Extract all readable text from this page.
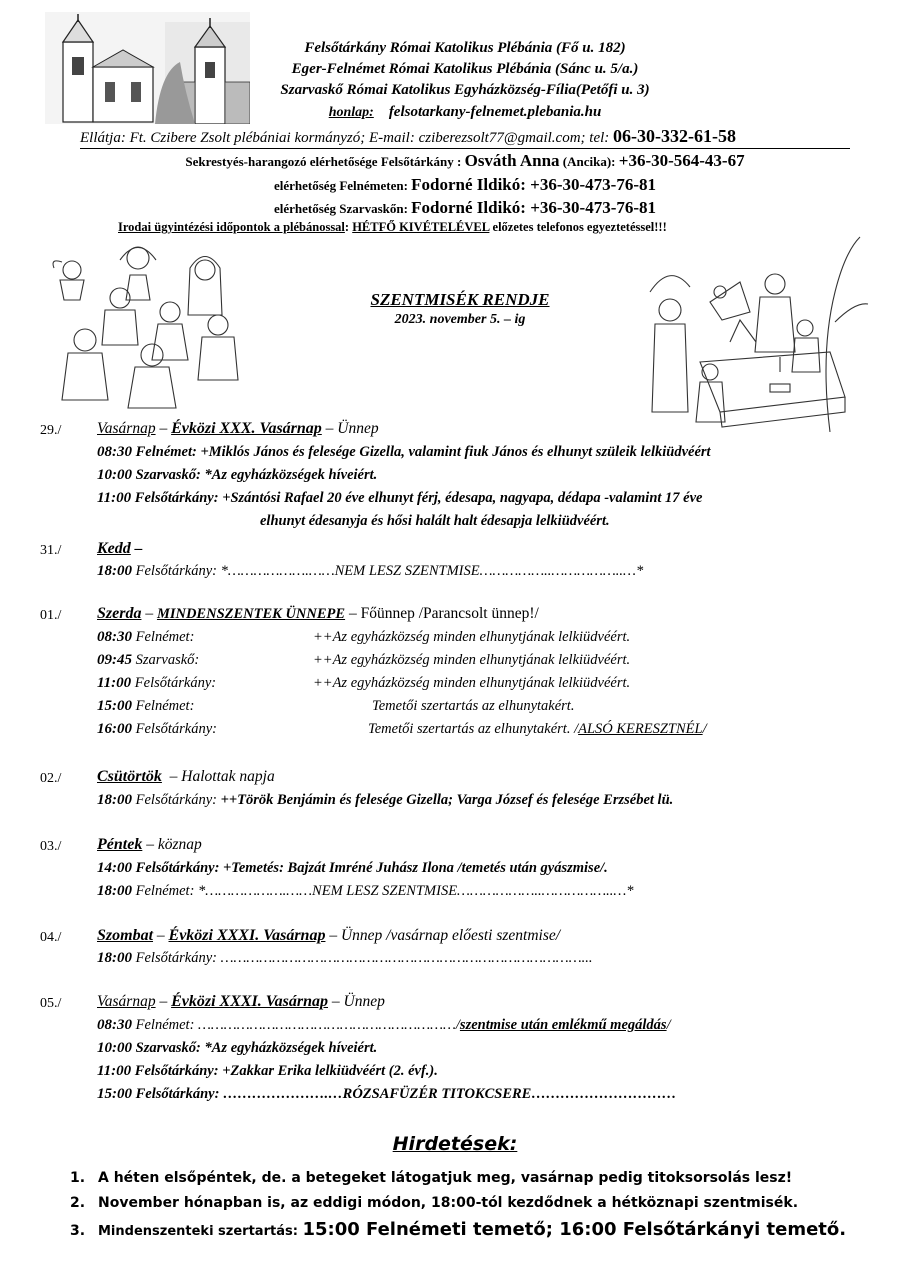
Felsőtárkány Római Katolikus Plébánia (Fő u. 182)
Eger-Felnémet Római Katolikus Plébánia (Sánc u. 5/a.)
Szarvaskő Római Katolikus Egyházközség-Fília(Petőfi u. 3)
honlap: felsotarkany-felnemet.plebania.hu
Ellátja: Ft. Czibere Zsolt plébániai kormányzó; E-mail: cziberezsolt77@gmail.com; tel: 06-30-332-61-58
Sekrestyés-harangozó elérhetősége Felsőtárkány : Osváth Anna (Ancika): +36-30-564-43-67
elérhetőség Felnémeten: Fodorné Ildikó: +36-30-473-76-81
elérhetőség Szarvaskőn: Fodorné Ildikó: +36-30-473-76-81
Irodai ügyintézési időpontok a plébánossal: HÉTFŐ KIVÉTELÉVEL előzetes telefonos egyeztetéssel!!!
SZENTMISÉK RENDJE
2023. november 5. – ig
29./ Vasárnap – Évközi XXX. Vasárnap – Ünnep
08:30 Felnémet: +Miklós János és felesége Gizella, valamint fiuk János és elhunyt szüleik lelkiüdvéért
10:00 Szarvaskő: *Az egyházközségek híveiért.
11:00 Felsőtárkány: +Szántósi Rafael 20 éve elhunyt férj, édesapa, nagyapa, dédapa -valamint 17 éve
elhunyt édesanyja és hősi halált halt édesapja lelkiüdvéért.
31./ Kedd –
18:00 Felsőtárkány: *……………….……NEM LESZ SZENTMISE……………..……………..…*
01./ Szerda – MINDENSZENTEK ÜNNEPE – Főünnep /Parancsolt ünnep!/
08:30 Felnémet:	++Az egyházközség minden elhunytjának lelkiüdvéért.
09:45 Szarvaskő:	++Az egyházközség minden elhunytjának lelkiüdvéért.
11:00 Felsőtárkány:	++Az egyházközség minden elhunytjának lelkiüdvéért.
15:00 Felnémet:	Temetői szertartás az elhunytakért.
16:00 Felsőtárkány:	Temetői szertartás az elhunytakért. /ALSÓ KERESZTNÉL/
02./ Csütörtök – Halottak napja
18:00 Felsőtárkány: ++Török Benjámin és felesége Gizella; Varga József és felesége Erzsébet lü.
03./ Péntek – köznap
14:00 Felsőtárkány: +Temetés: Bajzát Imréné Juhász Ilona /temetés után gyászmise/.
18:00 Felnémet: *……………….……NEM LESZ SZENTMISE………………..……………..…*
04./ Szombat – Évközi XXXI. Vasárnap – Ünnep /vasárnap előesti szentmise/
18:00 Felsőtárkány: …………………………………………………………………………...
05./ Vasárnap – Évközi XXXI. Vasárnap – Ünnep
08:30 Felnémet: ……………………………………………………/szentmise után emlékmű megáldás/
10:00 Szarvaskő: *Az egyházközségek híveiért.
11:00 Felsőtárkány: +Zakkar Erika lelkiüdvéért (2. évf.).
15:00 Felsőtárkány: ………………….…RÓZSAFÜZÉR TITOKCSERE…………………………
Hirdetések:
1. A héten elsőpéntek, de. a betegeket látogatjuk meg, vasárnap pedig titoksorsolás lesz!
2. November hónapban is, az eddigi módon, 18:00-tól kezdődnek a hétköznapi szentmisék.
3. Mindenszenteki szertartás: 15:00 Felnémeti temető; 16:00 Felsőtárkányi temető.
